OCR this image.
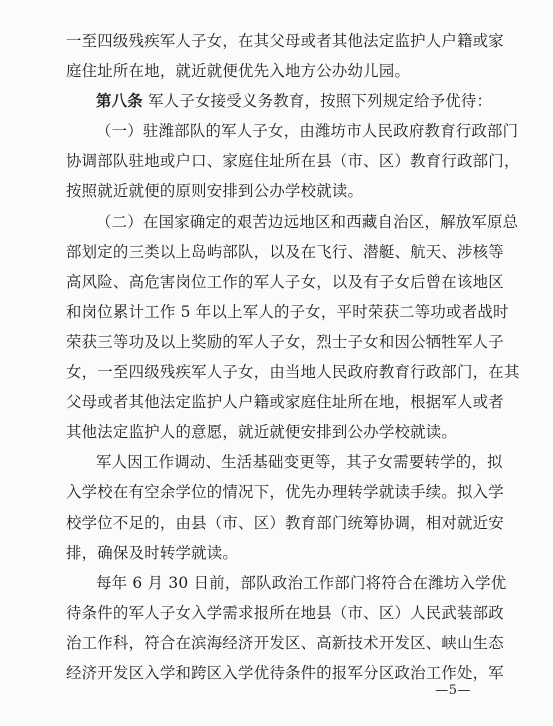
一至四级残疾军人子女，在其父母或者其他法定监护人户籍或家
庭住址所在地，就近就便优先入地方公办幼儿园。
第八条 军人子女接受义务教育，按照下列规定给予优待：
（一）驻潍部队的军人子女，由潍坊市人民政府教育行政部门
协调部队驻地或户口、家庭住址所在县（市、区）教育行政部门，
按照就近就便的原则安排到公办学校就读。
（二）在国家确定的艰苦边远地区和西藏自治区，解放军原总
部划定的三类以上岛屿部队，以及在飞行、潜艇、航天、涉核等
高风险、高危害岗位工作的军人子女，以及有子女后曾在该地区
和岗位累计工作 5 年以上军人的子女，平时荣获二等功或者战时
荣获三等功及以上奖励的军人子女，烈士子女和因公牺牲军人子
女，一至四级残疾军人子女，由当地人民政府教育行政部门，在其
父母或者其他法定监护人户籍或家庭住址所在地，根据军人或者
其他法定监护人的意愿，就近就便安排到公办学校就读。
军人因工作调动、生活基础变更等，其子女需要转学的，拟
入学校在有空余学位的情况下，优先办理转学就读手续。拟入学
校学位不足的，由县（市、区）教育部门统筹协调，相对就近安
排，确保及时转学就读。
每年 6 月 30 日前，部队政治工作部门将符合在潍坊入学优
待条件的军人子女入学需求报所在地县（市、区）人民武装部政
治工作科，符合在滨海经济开发区、高新技术开发区、峡山生态
经济开发区入学和跨区入学优待条件的报军分区政治工作处，军
—5—
